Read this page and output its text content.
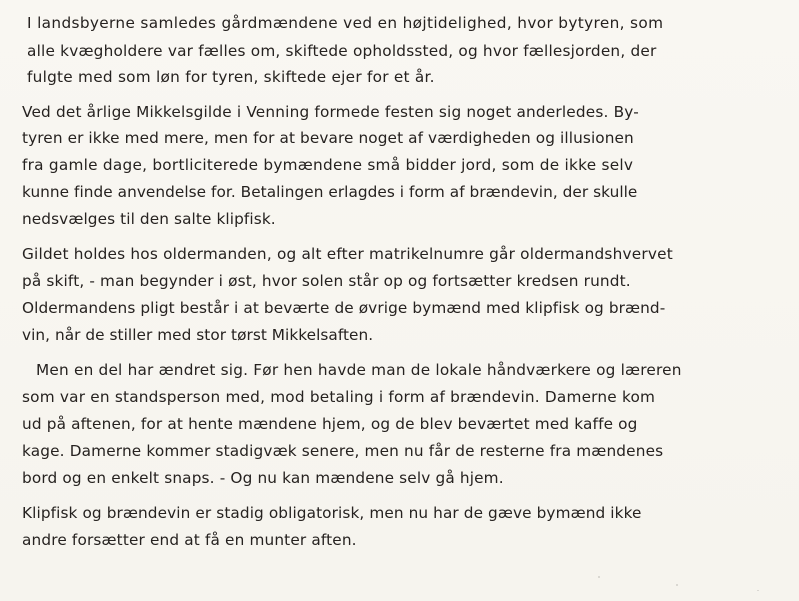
I landsbyerne samledes gårdmændene ved en højtidelighed, hvor bytyren, som
alle kvægholdere var fælles om, skiftede opholdssted, og hvor fællesjorden, der
fulgte med som løn for tyren, skiftede ejer for et år.
Ved det årlige Mikkelsgilde i Venning formede festen sig noget anderledes. By-
tyren er ikke med mere, men for at bevare noget af værdigheden og illusionen
fra gamle dage, bortliciterede bymændene små bidder jord, som de ikke selv
kunne finde anvendelse for. Betalingen erlagdes i form af brændevin, der skulle
nedsvælges til den salte klipfisk.
Gildet holdes hos oldermanden, og alt efter matrikelnumre går oldermandshvervet
på skift, - man begynder i øst, hvor solen står op og fortsætter kredsen rundt.
Oldermandens pligt består i at beværte de øvrige bymænd med klipfisk og brænd-
vin, når de stiller med stor tørst Mikkelsaften.
Men en del har ændret sig. Før hen havde man de lokale håndværkere og læreren
som var en standsperson med, mod betaling i form af brændevin. Damerne kom
ud på aftenen, for at hente mændene hjem, og de blev beværtet med kaffe og
kage. Damerne kommer stadigvæk senere, men nu får de resterne fra mændenes
bord og en enkelt snaps. - Og nu kan mændene selv gå hjem.
Klipfisk og brændevin er stadig obligatorisk, men nu har de gæve bymænd ikke
andre forsætter end at få en munter aften.
